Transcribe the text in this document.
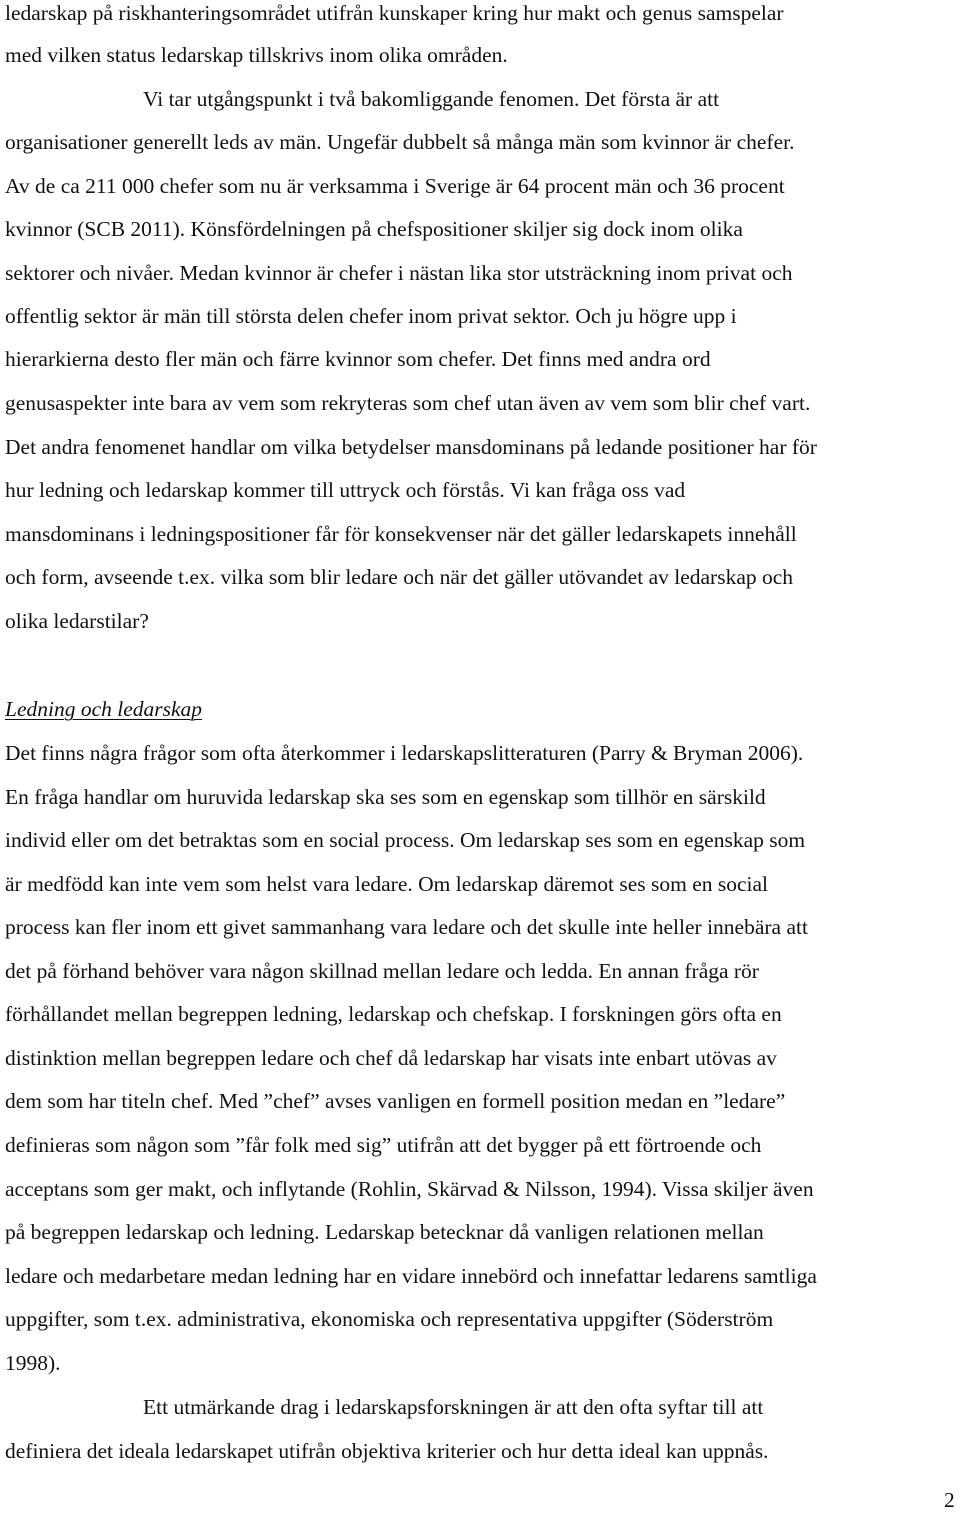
ledarskap på riskhanteringsområdet utifrån kunskaper kring hur makt och genus samspelar
med vilken status ledarskap tillskrivs inom olika områden.
Vi tar utgångspunkt i två bakomliggande fenomen. Det första är att
organisationer generellt leds av män. Ungefär dubbelt så många män som kvinnor är chefer.
Av de ca 211 000 chefer som nu är verksamma i Sverige är 64 procent män och 36 procent
kvinnor (SCB 2011). Könsfördelningen på chefspositioner skiljer sig dock inom olika
sektorer och nivåer. Medan kvinnor är chefer i nästan lika stor utsträckning inom privat och
offentlig sektor är män till största delen chefer inom privat sektor. Och ju högre upp i
hierarkierna desto fler män och färre kvinnor som chefer. Det finns med andra ord
genusaspekter inte bara av vem som rekryteras som chef utan även av vem som blir chef vart.
Det andra fenomenet handlar om vilka betydelser mansdominans på ledande positioner har för
hur ledning och ledarskap kommer till uttryck och förstås. Vi kan fråga oss vad
mansdominans i ledningspositioner får för konsekvenser när det gäller ledarskapets innehåll
och form, avseende t.ex. vilka som blir ledare och när det gäller utövandet av ledarskap och
olika ledarstilar?
Ledning och ledarskap
Det finns några frågor som ofta återkommer i ledarskapslitteraturen (Parry & Bryman 2006).
En fråga handlar om huruvida ledarskap ska ses som en egenskap som tillhör en särskild
individ eller om det betraktas som en social process. Om ledarskap ses som en egenskap som
är medfödd kan inte vem som helst vara ledare. Om ledarskap däremot ses som en social
process kan fler inom ett givet sammanhang vara ledare och det skulle inte heller innebära att
det på förhand behöver vara någon skillnad mellan ledare och ledda. En annan fråga rör
förhållandet mellan begreppen ledning, ledarskap och chefskap. I forskningen görs ofta en
distinktion mellan begreppen ledare och chef då ledarskap har visats inte enbart utövas av
dem som har titeln chef. Med ”chef” avses vanligen en formell position medan en ”ledare”
definieras som någon som ”får folk med sig” utifrån att det bygger på ett förtroende och
acceptans som ger makt, och inflytande (Rohlin, Skärvad & Nilsson, 1994). Vissa skiljer även
på begreppen ledarskap och ledning. Ledarskap betecknar då vanligen relationen mellan
ledare och medarbetare medan ledning har en vidare innebörd och innefattar ledarens samtliga
uppgifter, som t.ex. administrativa, ekonomiska och representativa uppgifter (Söderström
1998).
Ett utmärkande drag i ledarskapsforskningen är att den ofta syftar till att
definiera det ideala ledarskapet utifrån objektiva kriterier och hur detta ideal kan uppnås.
2
